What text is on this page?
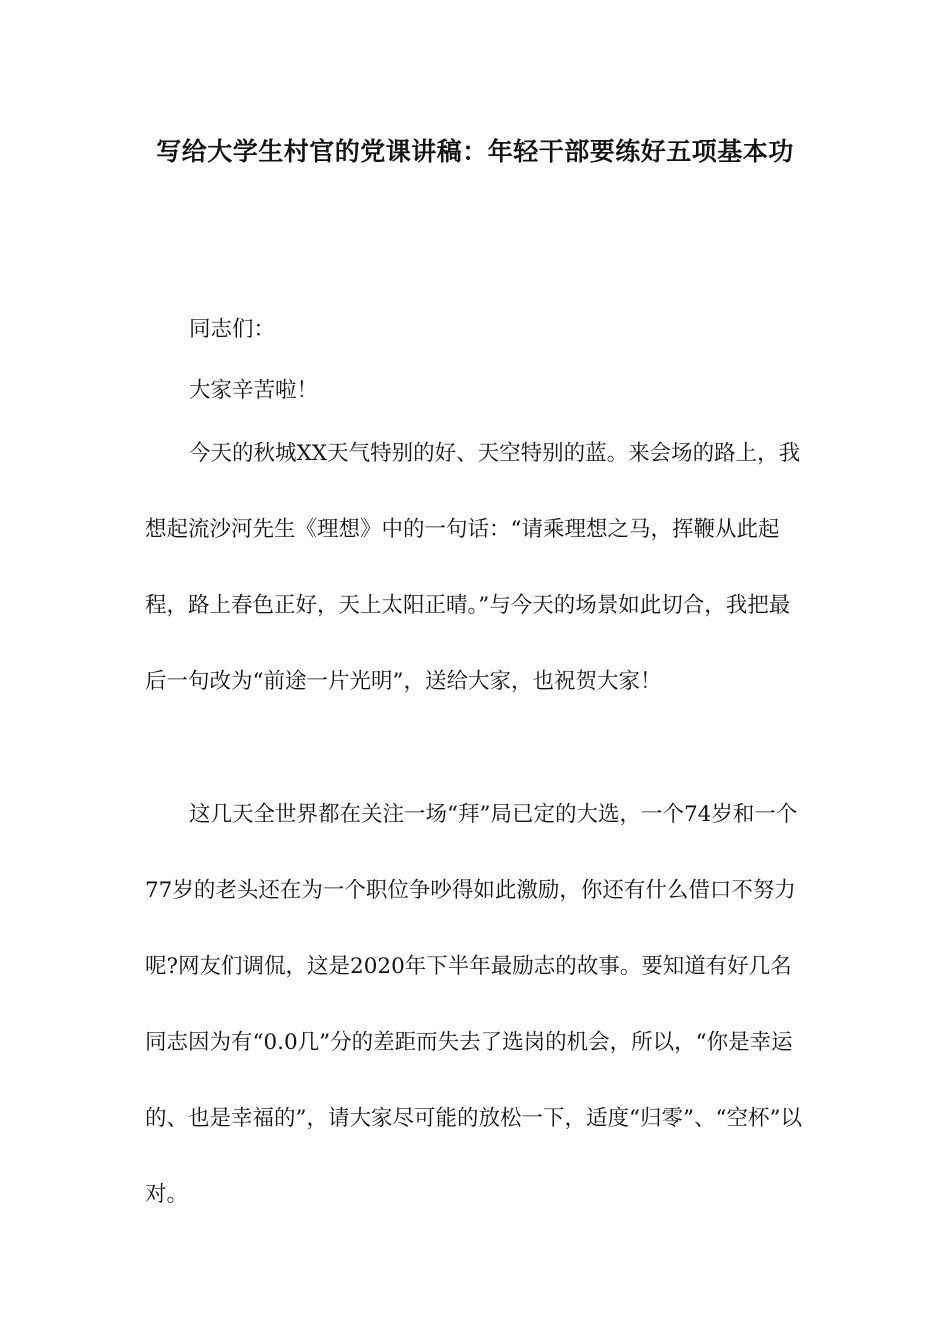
写给大学生村官的党课讲稿：年轻干部要练好五项基本功

同志们：

大家辛苦啦！

今天的秋城XX天气特别的好、天空特别的蓝。来会场的路上，我想起流沙河先生《理想》中的一句话：“请乘理想之马，挥鞭从此起程，路上春色正好，天上太阳正晴。”与今天的场景如此切合，我把最后一句改为“前途一片光明”，送给大家，也祝贺大家！

这几天全世界都在关注一场“拜”局已定的大选，一个74岁和一个77岁的老头还在为一个职位争吵得如此激励，你还有什么借口不努力呢?网友们调侃，这是2020年下半年最励志的故事。要知道有好几名同志因为有“0.0几”分的差距而失去了选岗的机会，所以，“你是幸运的、也是幸福的”，请大家尽可能的放松一下，适度“归零”、“空杯”以对。
